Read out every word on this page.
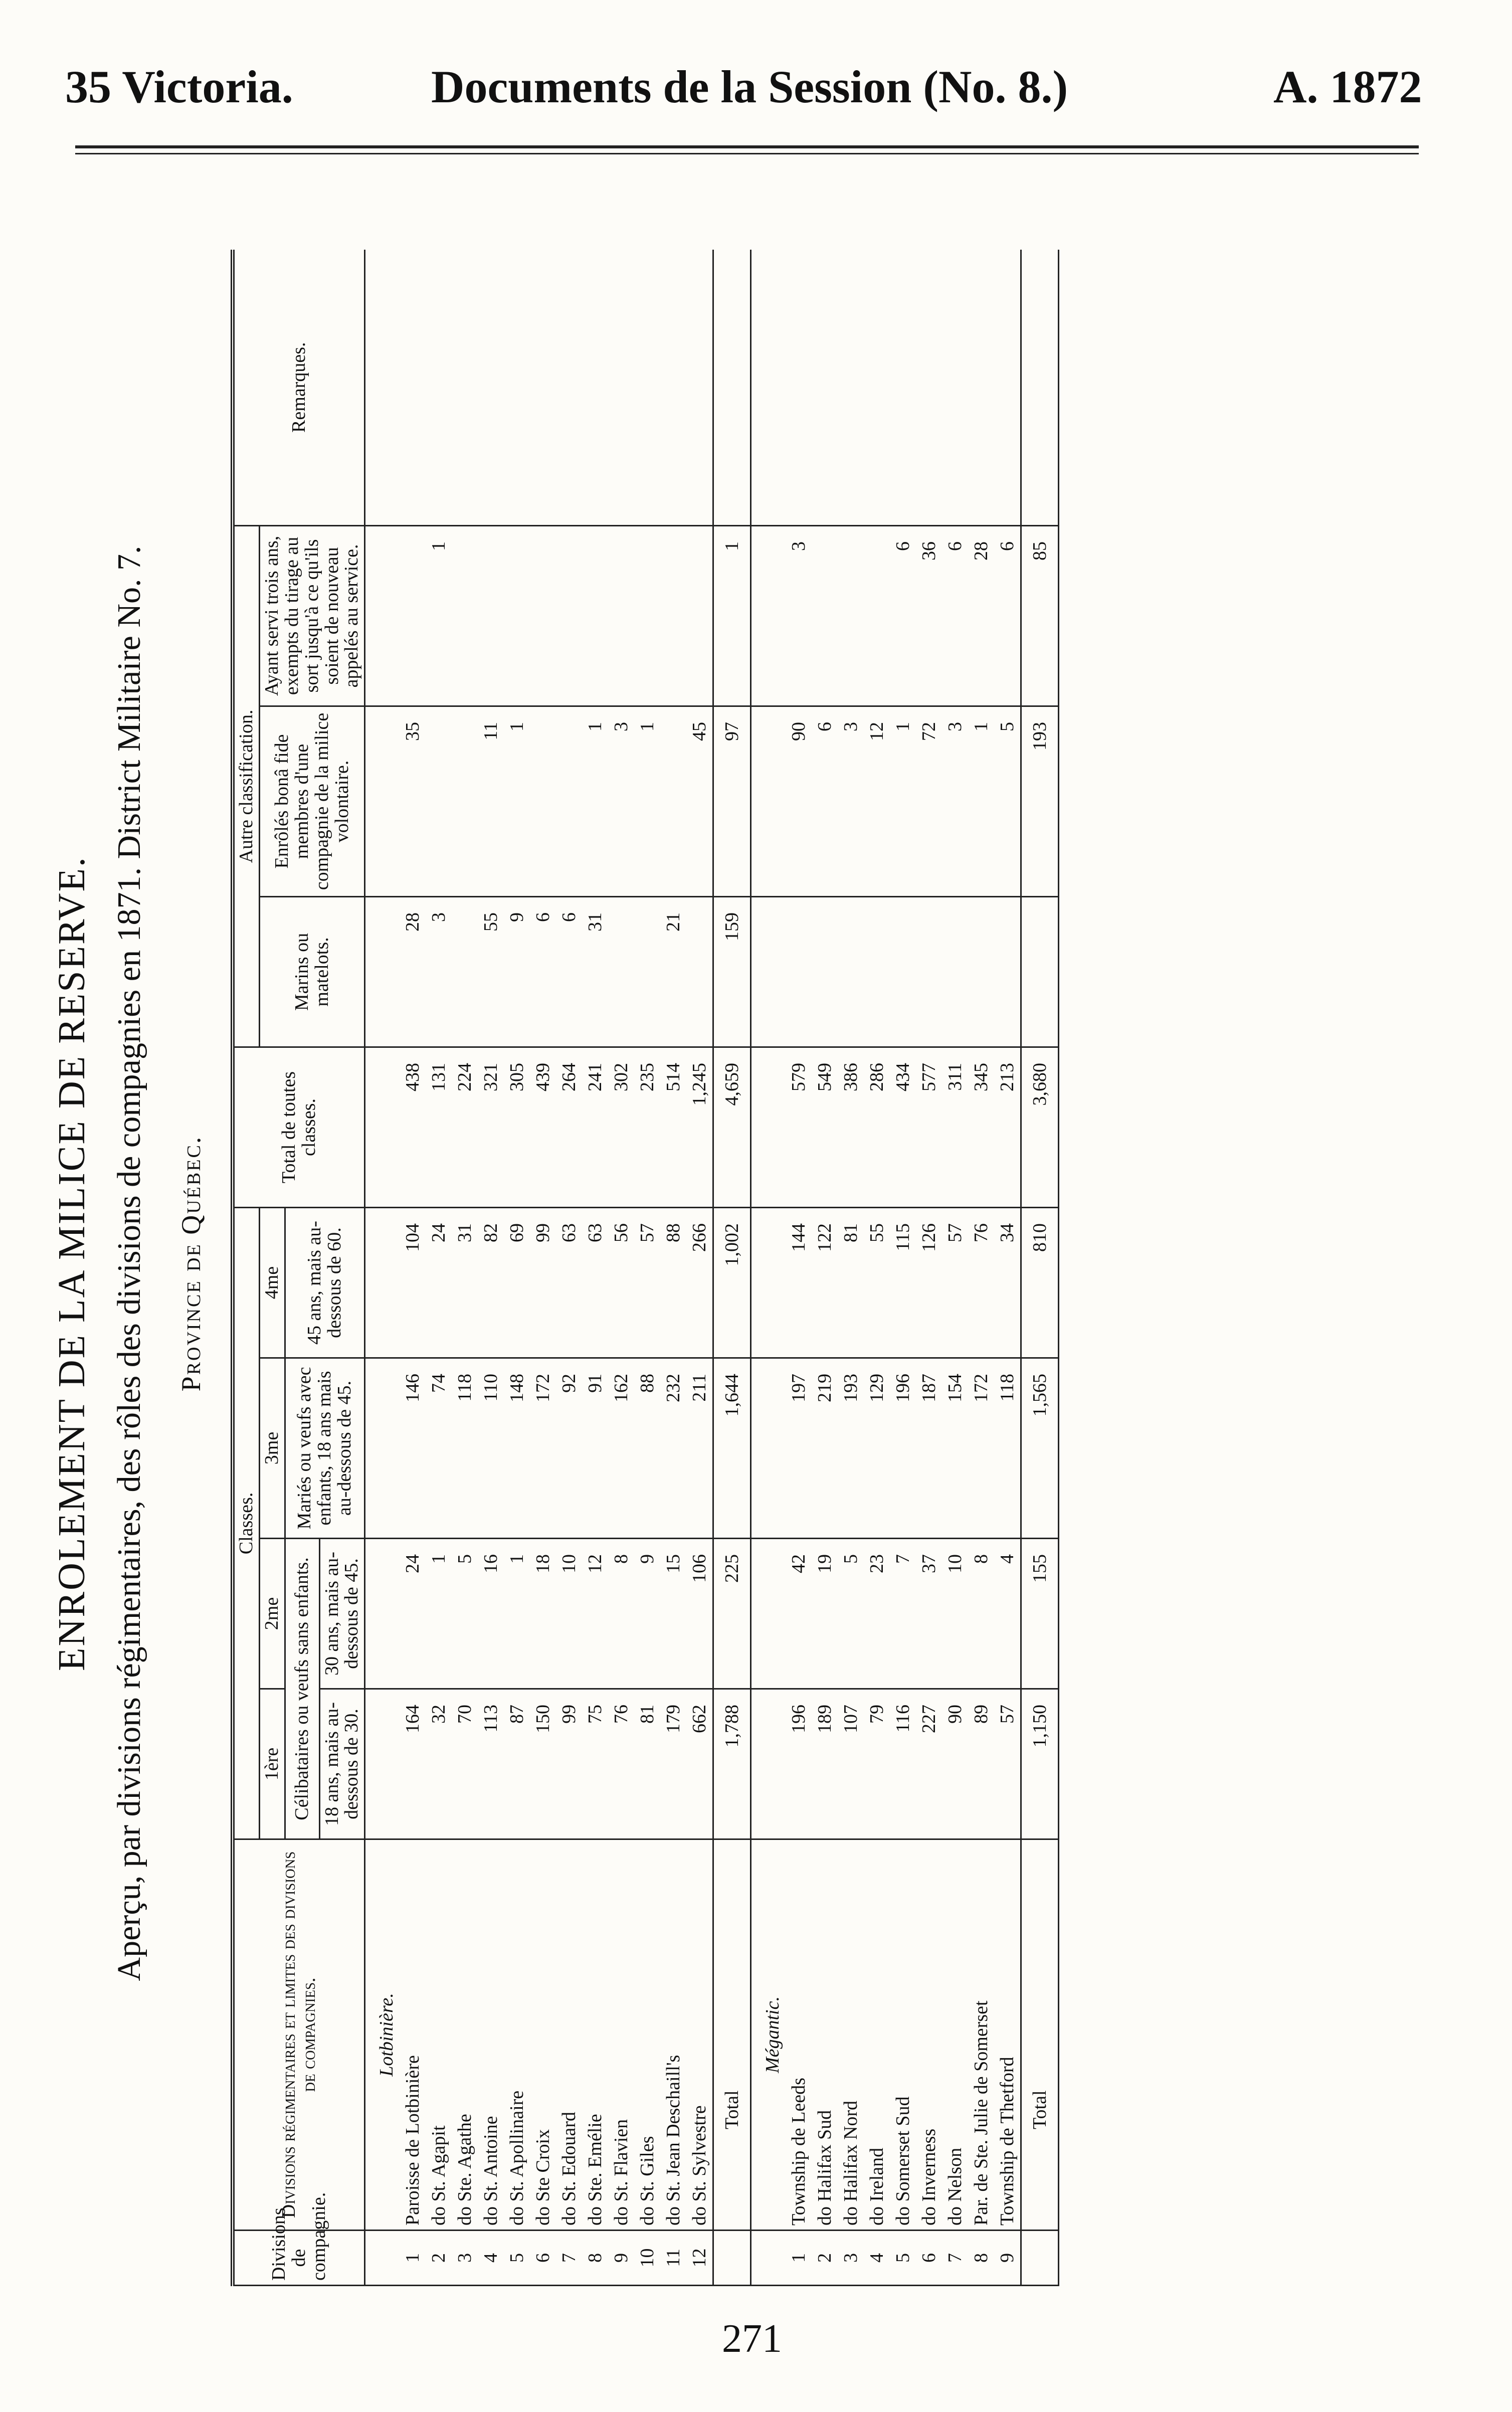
35 Victoria.	Documents de la Session (No. 8.)	A. 1872
ENROLEMENT DE LA MILICE DE RESERVE. Aperçu, par divisions régimentaires, des rôles des divisions de compagnies en 1871. District Militaire No. 7. Province de Québec.
Divisions de compagnie.	Divisions régimentaires et limites des divisions de compagnies.	Classes.				Total de toutes classes.	Autre classification.			Remarques.
		1ère	2me	3me	4me		Marins ou matelots.	Enrôlés bonâ fide membres d'une compagnie de la milice volontaire.	Ayant servi trois ans, exempts du tirage au sort jusqu'à ce qu'ils soient de nouveau appelés au service.	
		Célibataires ou veufs sans enfants.		Mariés ou veufs avec enfants, 18 ans mais au-dessous de 45.	45 ans, mais au-dessous de 60.					
		18 ans, mais au-dessous de 30.	30 ans, mais au-dessous de 45.							
	Lotbinière.									
1	Paroisse de Lotbinière	164	24	146	104	438	28	35		
2	do St. Agapit	32	1	74	24	131	3		1	
3	do Ste. Agathe	70	5	118	31	224				
4	do St. Antoine	113	16	110	82	321	55	11		
5	do St. Apollinaire	87	1	148	69	305	9	1		
6	do Ste Croix	150	18	172	99	439	6			
7	do St. Edouard	99	10	92	63	264	6			
8	do Ste. Emélie	75	12	91	63	241	31	1		
9	do St. Flavien	76	8	162	56	302		3		
10	do St. Giles	81	9	88	57	235		1		
11	do St. Jean Deschaill's	179	15	232	88	514	21			
12	do St. Sylvestre	662	106	211	266	1,245		45		
	Total	1,788	225	1,644	1,002	4,659	159	97	1	
	Mégantic.									
1	Township de Leeds	196	42	197	144	579		90	3	
2	do Halifax Sud	189	19	219	122	549		6		
3	do Halifax Nord	107	5	193	81	386		3		
4	do Ireland	79	23	129	55	286		12		
5	do Somerset Sud	116	7	196	115	434		1	6	
6	do Inverness	227	37	187	126	577		72	36	
7	do Nelson	90	10	154	57	311		3	6	
8	Par. de Ste. Julie de Somerset	89	8	172	76	345		1	28	
9	Township de Thetford	57	4	118	34	213		5	6	
	Total	1,150	155	1,565	810	3,680		193	85	
271
